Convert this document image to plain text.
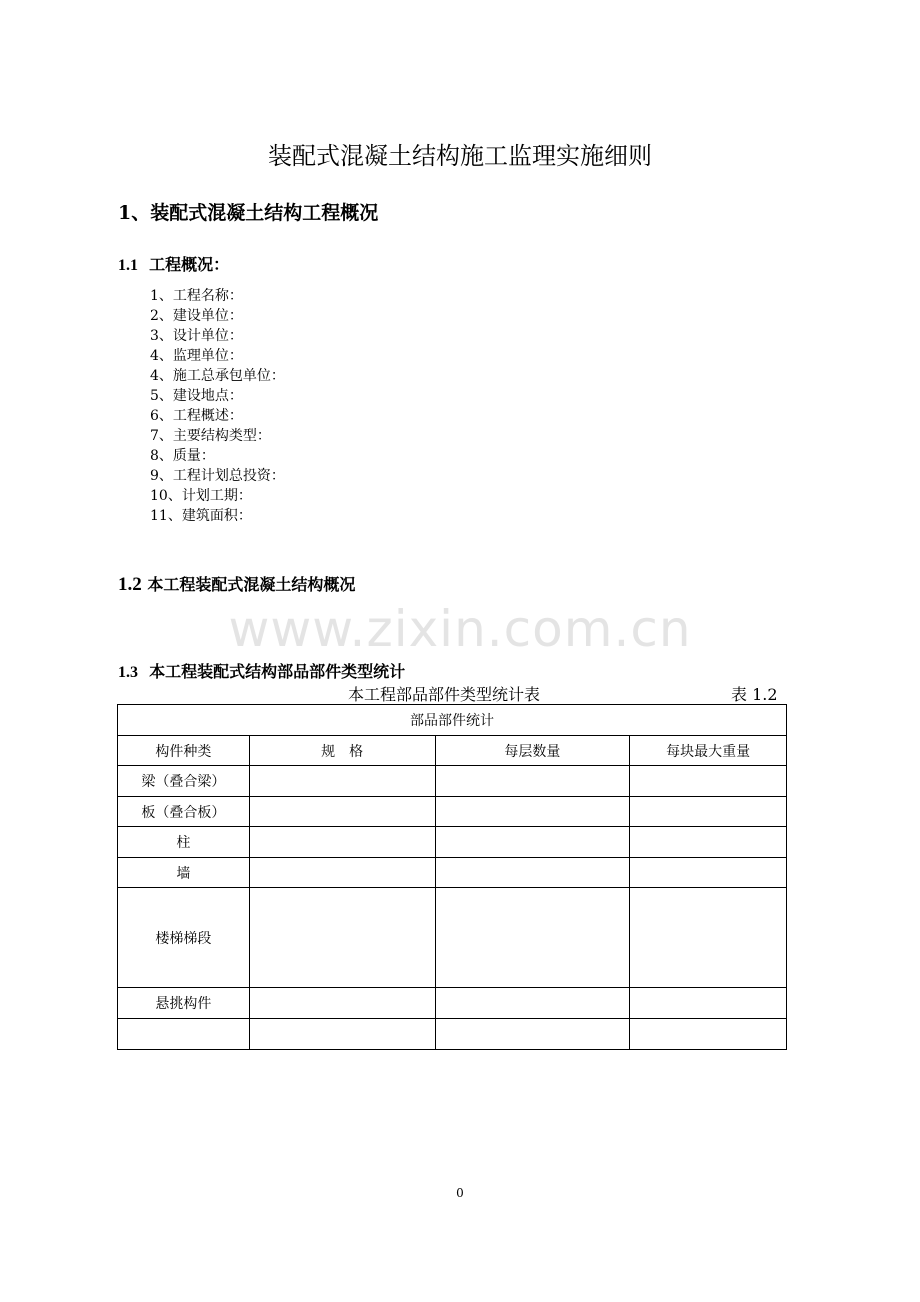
装配式混凝土结构施工监理实施细则
1、装配式混凝土结构工程概况
1.1 工程概况：
1、工程名称：
2、建设单位：
3、设计单位：
4、监理单位：
4、施工总承包单位：
5、建设地点：
6、工程概述：
7、主要结构类型：
8、质量：
9、工程计划总投资：
10、计划工期：
11、建筑面积：
1.2 本工程装配式混凝土结构概况
www.zixin.com.cn
1.3 本工程装配式结构部品部件类型统计
本工程部品部件类型统计表	表 1.2
部品部件统计			
构件种类	规　格	每层数量	每块最大重量
梁（叠合梁）			
板（叠合板）			
柱			
墙			
楼梯梯段			
悬挑构件			

0
